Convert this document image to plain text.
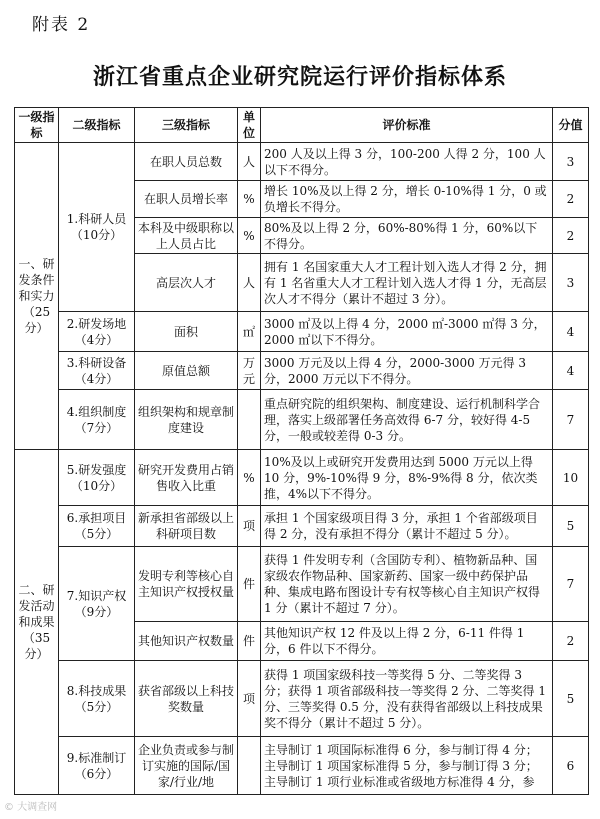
附表 2
浙江省重点企业研究院运行评价指标体系
一级指标	二级指标	三级指标	单位	评价标准	分值
一、研发条件和实力（25分）	1.科研人员（10分）	在职人员总数	人	200 人及以上得 3 分，100-200 人得 2 分，100 人以下不得分。	3
		在职人员增长率	%	增长 10%及以上得 2 分，增长 0-10%得 1 分，0 或负增长不得分。	2
		本科及中级职称以上人员占比	%	80%及以上得 2 分，60%-80%得 1 分，60%以下不得分。	2
		高层次人才	人	拥有 1 名国家重大人才工程计划入选人才得 2 分，拥有 1 名省重大人才工程计划入选人才得 1 分，无高层次人才不得分（累计不超过 3 分）。	3
	2.研发场地（4分）	面积	㎡	3000 ㎡及以上得 4 分，2000 ㎡-3000 ㎡得 3 分，2000 ㎡以下不得分。	4
	3.科研设备（4分）	原值总额	万元	3000 万元及以上得 4 分，2000-3000 万元得 3 分，2000 万元以下不得分。	4
	4.组织制度（7分）	组织架构和规章制度建设		重点研究院的组织架构、制度建设、运行机制科学合理，落实上级部署任务高效得 6-7 分，较好得 4-5 分，一般或较差得 0-3 分。	7
二、研发活动和成果（35分）	5.研发强度（10分）	研究开发费用占销售收入比重	%	10%及以上或研究开发费用达到 5000 万元以上得 10 分，9%-10%得 9 分，8%-9%得 8 分，依次类推，4%以下不得分。	10
	6.承担项目（5分）	新承担省部级以上科研项目数	项	承担 1 个国家级项目得 3 分，承担 1 个省部级项目得 2 分，没有承担不得分（累计不超过 5 分）。	5
	7.知识产权（9分）	发明专利等核心自主知识产权授权量	件	获得 1 件发明专利（含国防专利）、植物新品种、国家级农作物品种、国家新药、国家一级中药保护品种、集成电路布图设计专有权等核心自主知识产权得 1 分（累计不超过 7 分）。	7
		其他知识产权数量	件	其他知识产权 12 件及以上得 2 分，6-11 件得 1 分，6 件以下不得分。	2
	8.科技成果（5分）	获省部级以上科技奖数量	项	获得 1 项国家级科技一等奖得 5 分、二等奖得 3 分；获得 1 项省部级科技一等奖得 2 分、二等奖得 1 分、三等奖得 0.5 分，没有获得省部级以上科技成果奖不得分（累计不超过 5 分）。	5
	9.标准制订（6分）	企业负责或参与制订实施的国际/国家/行业/地		主导制订 1 项国际标准得 6 分，参与制订得 4 分；主导制订 1 项国家标准得 5 分，参与制订得 3 分；主导制订 1 项行业标准或省级地方标准得 4 分，参	6
© 大调查网
